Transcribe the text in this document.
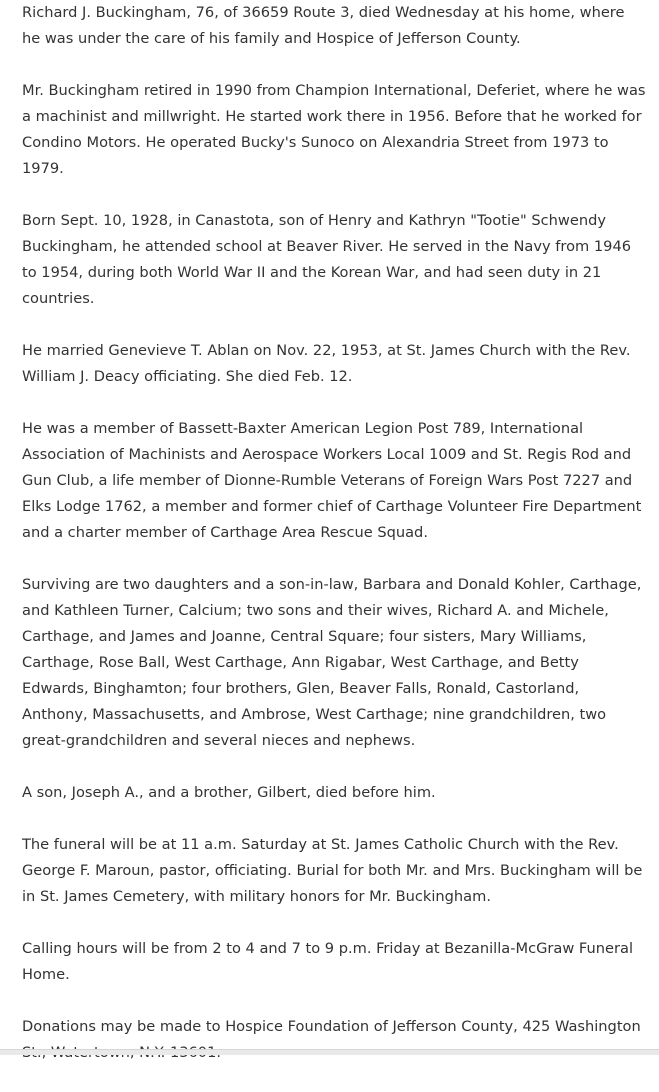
Richard J. Buckingham, 76, of 36659 Route 3, died Wednesday at his home, where he was under the care of his family and Hospice of Jefferson County.

Mr. Buckingham retired in 1990 from Champion International, Deferiet, where he was a machinist and millwright. He started work there in 1956. Before that he worked for Condino Motors. He operated Bucky's Sunoco on Alexandria Street from 1973 to 1979.

Born Sept. 10, 1928, in Canastota, son of Henry and Kathryn "Tootie" Schwendy Buckingham, he attended school at Beaver River. He served in the Navy from 1946 to 1954, during both World War II and the Korean War, and had seen duty in 21 countries.

He married Genevieve T. Ablan on Nov. 22, 1953, at St. James Church with the Rev. William J. Deacy officiating. She died Feb. 12.

He was a member of Bassett-Baxter American Legion Post 789, International Association of Machinists and Aerospace Workers Local 1009 and St. Regis Rod and Gun Club, a life member of Dionne-Rumble Veterans of Foreign Wars Post 7227 and Elks Lodge 1762, a member and former chief of Carthage Volunteer Fire Department and a charter member of Carthage Area Rescue Squad.

Surviving are two daughters and a son-in-law, Barbara and Donald Kohler, Carthage, and Kathleen Turner, Calcium; two sons and their wives, Richard A. and Michele, Carthage, and James and Joanne, Central Square; four sisters, Mary Williams, Carthage, Rose Ball, West Carthage, Ann Rigabar, West Carthage, and Betty Edwards, Binghamton; four brothers, Glen, Beaver Falls, Ronald, Castorland, Anthony, Massachusetts, and Ambrose, West Carthage; nine grandchildren, two great-grandchildren and several nieces and nephews.

A son, Joseph A., and a brother, Gilbert, died before him.

The funeral will be at 11 a.m. Saturday at St. James Catholic Church with the Rev. George F. Maroun, pastor, officiating. Burial for both Mr. and Mrs. Buckingham will be in St. James Cemetery, with military honors for Mr. Buckingham.

Calling hours will be from 2 to 4 and 7 to 9 p.m. Friday at Bezanilla-McGraw Funeral Home.

Donations may be made to Hospice Foundation of Jefferson County, 425 Washington
